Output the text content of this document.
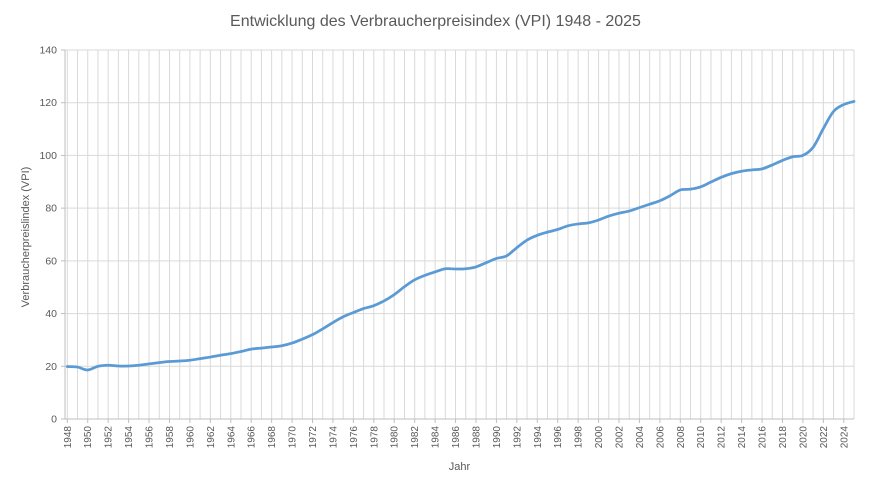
Entwicklung des Verbraucherpreisindex (VPI) 1948 - 2025
Verbraucherpreislindex (VPI)
Jahr
0
20
40
60
80
100
120
140
1948 1950 1952 1954 1956 1958 1960 1962 1964 1966 1968 1970 1972 1974 1976 1978 1980 1982 1984 1986 1988 1990 1992 1994 1996 1998 2000 2002 2004 2006 2008 2010 2012 2014 2016 2018 2020 2022 2024
